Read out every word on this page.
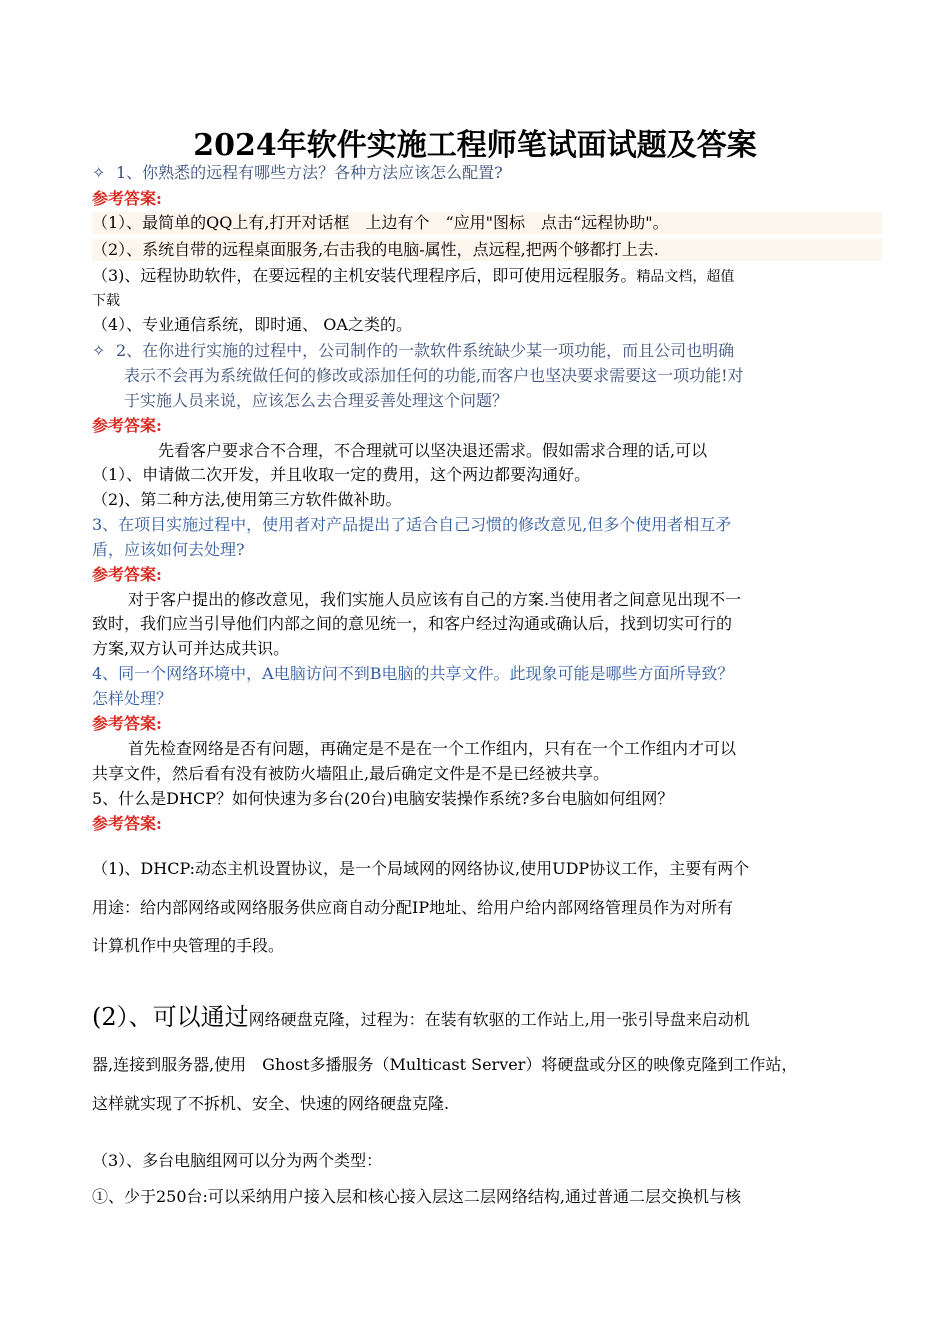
2024年软件实施工程师笔试面试题及答案
✧ 1、你熟悉的远程有哪些方法？各种方法应该怎么配置?
参考答案:
（1）、最简单的QQ上有,打开对话框　上边有个　“应用"图标　点击“远程协助"。
（2）、系统自带的远程桌面服务,右击我的电脑-属性，点远程,把两个够都打上去.
（3)、远程协助软件，在要远程的主机安装代理程序后，即可使用远程服务。精品文档，超值
下载
（4）、专业通信系统，即时通、 OA之类的。
✧ 2、在你进行实施的过程中，公司制作的一款软件系统缺少某一项功能，而且公司也明确
表示不会再为系统做任何的修改或添加任何的功能,而客户也坚决要求需要这一项功能!对
于实施人员来说，应该怎么去合理妥善处理这个问题？
参考答案:
先看客户要求合不合理，不合理就可以坚决退还需求。假如需求合理的话,可以
（1）、申请做二次开发，并且收取一定的费用，这个两边都要沟通好。
（2)、第二种方法,使用第三方软件做补助。
3、在项目实施过程中，使用者对产品提出了适合自己习惯的修改意见,但多个使用者相互矛
盾，应该如何去处理?
参考答案:
对于客户提出的修改意见，我们实施人员应该有自己的方案.当使用者之间意见出现不一
致时，我们应当引导他们内部之间的意见统一，和客户经过沟通或确认后，找到切实可行的
方案,双方认可并达成共识。
4、同一个网络环境中，A电脑访问不到B电脑的共享文件。此现象可能是哪些方面所导致？
怎样处理？
参考答案:
首先检查网络是否有问题，再确定是不是在一个工作组内，只有在一个工作组内才可以
共享文件，然后看有没有被防火墙阻止,最后确定文件是不是已经被共享。
5、什么是DHCP？如何快速为多台(20台)电脑安装操作系统?多台电脑如何组网？
参考答案:
（1)、DHCP:动态主机设置协议，是一个局域网的网络协议,使用UDP协议工作，主要有两个
用途：给内部网络或网络服务供应商自动分配IP地址、给用户给内部网络管理员作为对所有
计算机作中央管理的手段。
(2）、可以通过网络硬盘克隆，过程为：在装有软驱的工作站上,用一张引导盘来启动机
器,连接到服务器,使用　Ghost多播服务（Multicast Server）将硬盘或分区的映像克隆到工作站，
这样就实现了不拆机、安全、快速的网络硬盘克隆.
（3）、多台电脑组网可以分为两个类型：
①、少于250台:可以采纳用户接入层和核心接入层这二层网络结构,通过普通二层交换机与核
